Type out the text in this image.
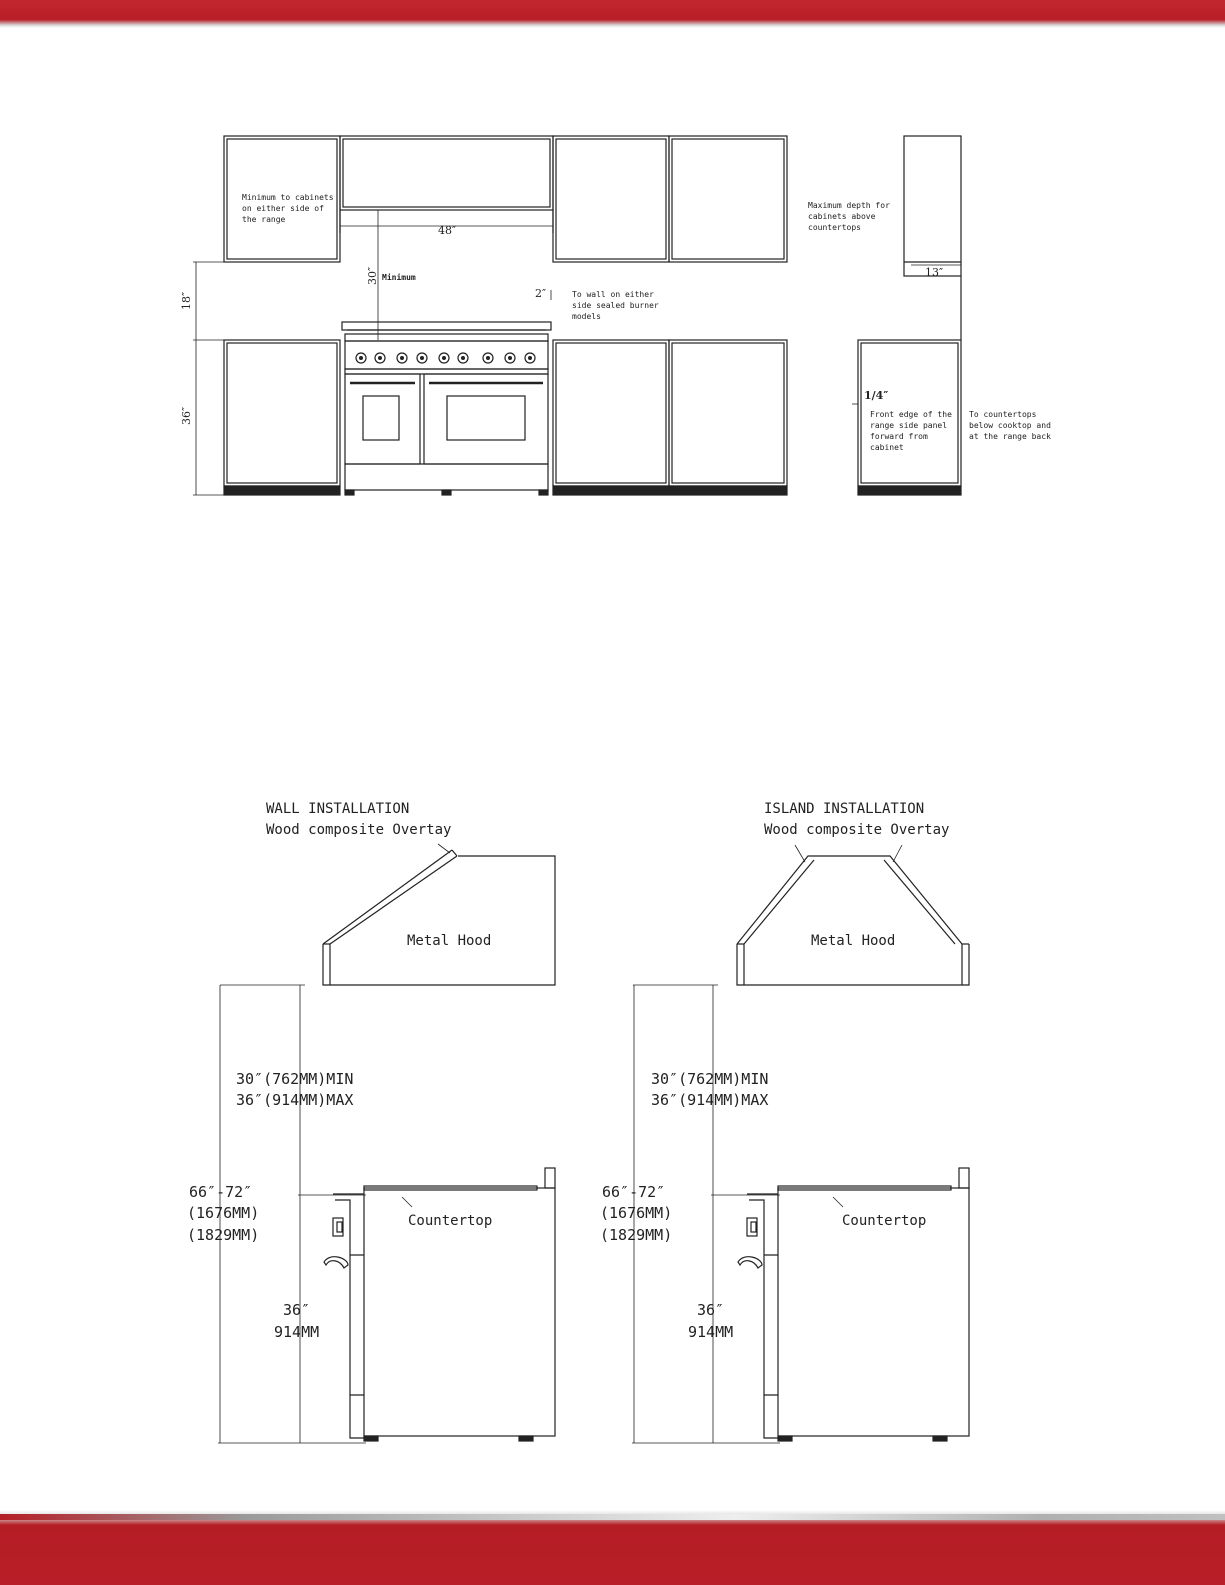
48″
30″ Minimum
18″
36″
2″
13″
1/4″
Minimum to cabinets on either side of the range
To wall on either side sealed burner models
Maximum depth for cabinets above countertops
Front edge of the range side panel forward from cabinet
To countertops below cooktop and at the range back
WALL INSTALLATION
Wood composite Overtay
Metal Hood
30″(762MM)MIN
36″(914MM)MAX
66″-72″
(1676MM)
(1829MM)
Countertop
36″
914MM
ISLAND INSTALLATION
Wood composite Overtay
Metal Hood
30″(762MM)MIN
36″(914MM)MAX
66″-72″
(1676MM)
(1829MM)
Countertop
36″
914MM
